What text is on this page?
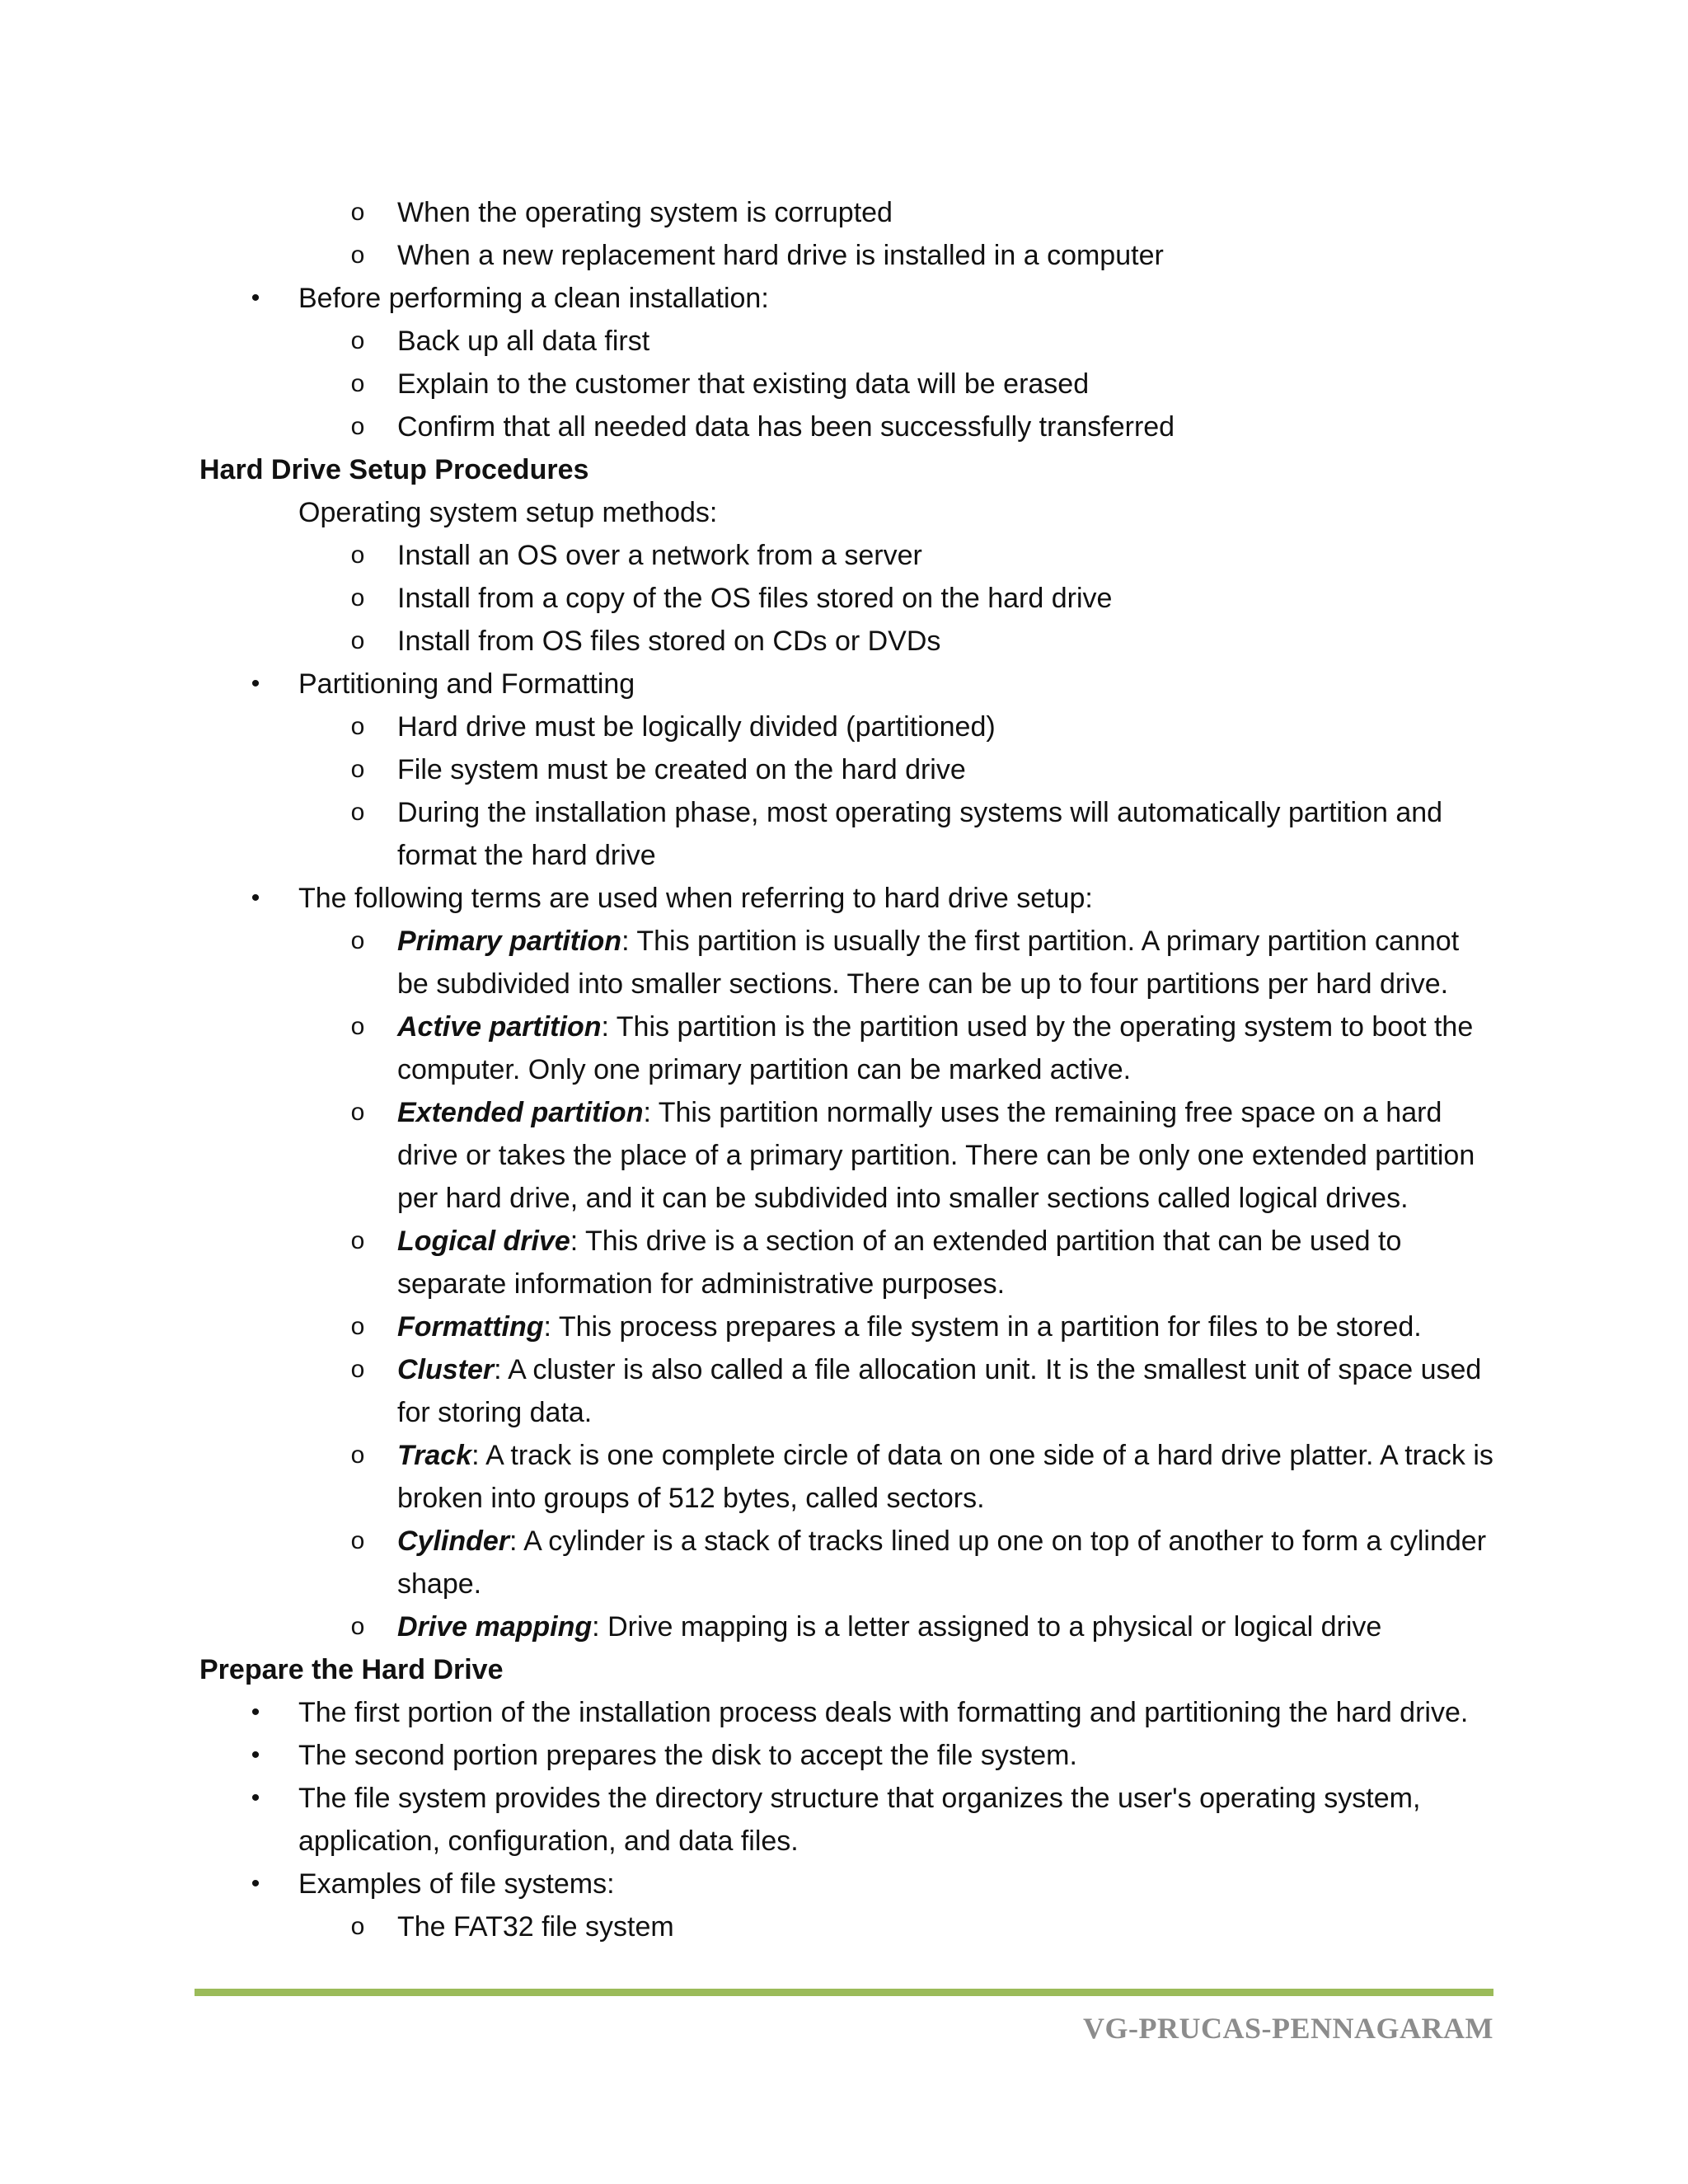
o	When the operating system is corrupted
o	When a new replacement hard drive is installed in a computer
•	Before performing a clean installation:
o	Back up all data first
o	Explain to the customer that existing data will be erased
o	Confirm that all needed data has been successfully transferred
Hard Drive Setup Procedures
Operating system setup methods:
o	Install an OS over a network from a server
o	Install from a copy of the OS files stored on the hard drive
o	Install from OS files stored on CDs or DVDs
•	Partitioning and Formatting
o	Hard drive must be logically divided (partitioned)
o	File system must be created on the hard drive
o	During the installation phase, most operating systems will automatically partition and
format the hard drive
•	The following terms are used when referring to hard drive setup:
o	Primary partition: This partition is usually the first partition. A primary partition cannot
be subdivided into smaller sections. There can be up to four partitions per hard drive.
o	Active partition: This partition is the partition used by the operating system to boot the
computer. Only one primary partition can be marked active.
o	Extended partition: This partition normally uses the remaining free space on a hard
drive or takes the place of a primary partition. There can be only one extended partition
per hard drive, and it can be subdivided into smaller sections called logical drives.
o	Logical drive: This drive is a section of an extended partition that can be used to
separate information for administrative purposes.
o	Formatting: This process prepares a file system in a partition for files to be stored.
o	Cluster: A cluster is also called a file allocation unit. It is the smallest unit of space used
for storing data.
o	Track: A track is one complete circle of data on one side of a hard drive platter. A track is
broken into groups of 512 bytes, called sectors.
o	Cylinder: A cylinder is a stack of tracks lined up one on top of another to form a cylinder
shape.
o	Drive mapping: Drive mapping is a letter assigned to a physical or logical drive
Prepare the Hard Drive
•	The first portion of the installation process deals with formatting and partitioning the hard drive.
•	The second portion prepares the disk to accept the file system.
•	The file system provides the directory structure that organizes the user's operating system,
application, configuration, and data files.
•	Examples of file systems:
o	The FAT32 file system
VG-PRUCAS-PENNAGARAM
